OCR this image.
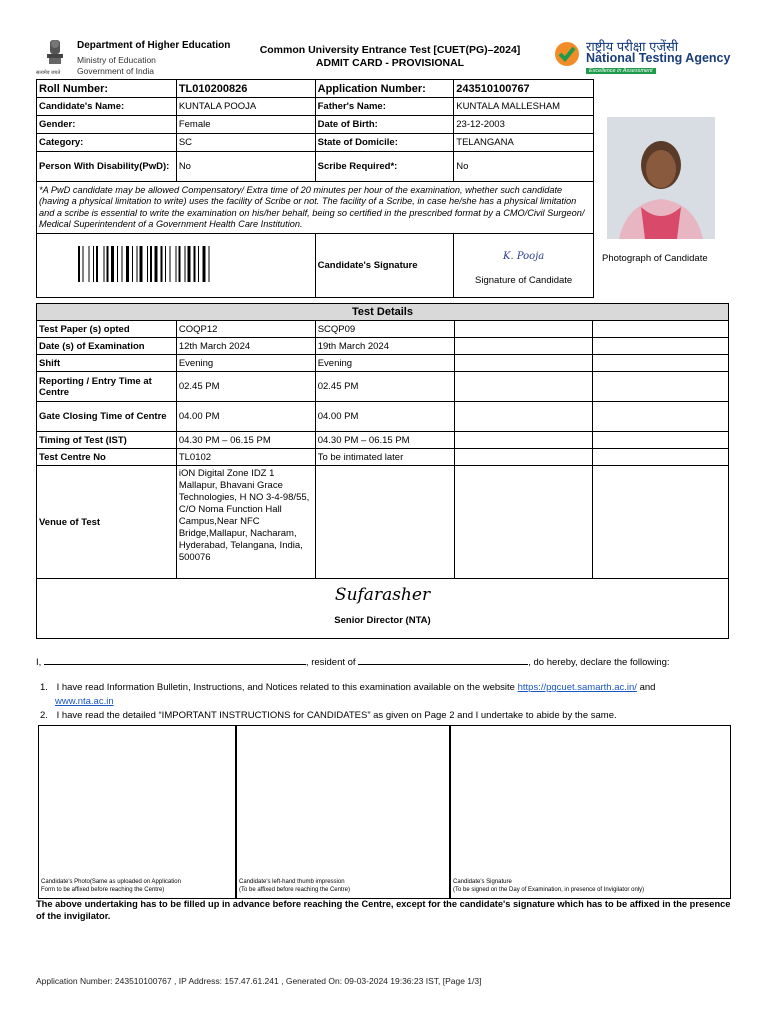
सत्यमेव जयते
Department of Higher Education
Ministry of Education
Government of India
Common University Entrance Test [CUET(PG)–2024]
ADMIT CARD - PROVISIONAL
राष्ट्रीय परीक्षा एजेंसी
National Testing Agency
Excellence in Assessment
Roll Number:	TL010200826	Application Number:	243510100767
Candidate's Name:	KUNTALA POOJA	Father's Name:	KUNTALA MALLESHAM
Gender:	Female	Date of Birth:	23-12-2003
Category:	SC	State of Domicile:	TELANGANA
Person With Disability(PwD):	No	Scribe Required*:	No
*A PwD candidate may be allowed Compensatory/ Extra time of 20 minutes per hour of the examination, whether such candidate (having a physical limitation to write) uses the facility of Scribe or not. The facility of a Scribe, in case he/she has a physical limitation and a scribe is essential to write the examination on his/her behalf, being so certified in the prescribed format by a CMO/Civil Surgeon/ Medical Superintendent of a Government Health Care Institution.			
	Candidate's Signature	K. Pooja
Signature of Candidate
Photograph of Candidate
Test Details				
Test Paper (s) opted	COQP12	SCQP09		
Date (s) of Examination	12th March 2024	19th March 2024		
Shift	Evening	Evening		
Reporting / Entry Time at Centre	02.45 PM	02.45 PM		
Gate Closing Time of Centre	04.00 PM	04.00 PM		
Timing of Test (IST)	04.30 PM – 06.15 PM	04.30 PM – 06.15 PM		
Test Centre No	TL0102	To be intimated later		
Venue of Test	iON Digital Zone IDZ 1 Mallapur, Bhavani Grace Technologies, H NO 3-4-98/55, C/O Noma Function Hall Campus,Near NFC Bridge,Mallapur, Nacharam, Hyderabad, Telangana, India, 500076			

Sufarasher
Senior Director (NTA)				
I,	, resident of	, do hereby, declare the following:
1. I have read Information Bulletin, Instructions, and Notices related to this examination available on the website https://pgcuet.samarth.ac.in/ and
www.nta.ac.in
2. I have read the detailed “IMPORTANT INSTRUCTIONS for CANDIDATES” as given on Page 2 and I undertake to abide by the same.
Candidate's Photo(Same as uploaded on Application
Form to be affixed before reaching the Centre)
Candidate's left-hand thumb impression
(To be affixed before reaching the Centre)
Candidate's Signature
(To be signed on the Day of Examination, in presence of Invigilator only)
The above undertaking has to be filled up in advance before reaching the Centre, except for the candidate's signature which has to be affixed in the presence of the invigilator.
Application Number: 243510100767 , IP Address: 157.47.61.241 , Generated On: 09-03-2024 19:36:23 IST, [Page 1/3]
